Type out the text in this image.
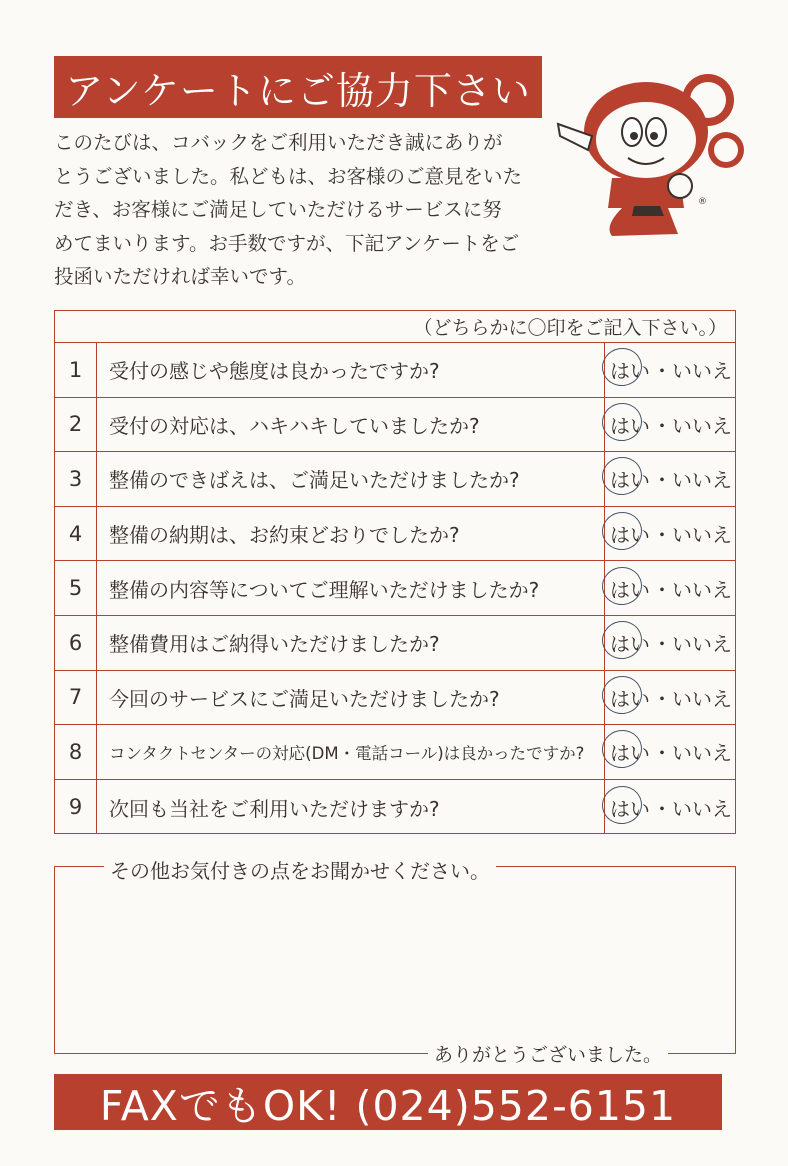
アンケートにご協力下さい
このたびは、コバックをご利用いただき誠にありが
とうございました。私どもは、お客様のご意見をいた
だき、お客様にご満足していただけるサービスに努
めてまいります。お手数ですが、下記アンケートをご
投函いただければ幸いです。
®
（どちらかに〇印をご記入下さい。）
1	受付の感じや態度は良かったですか?	はい ・ いいえ
2	受付の対応は、ハキハキしていましたか?	はい ・ いいえ
3	整備のできばえは、ご満足いただけましたか?	はい ・ いいえ
4	整備の納期は、お約束どおりでしたか?	はい ・ いいえ
5	整備の内容等についてご理解いただけましたか?	はい ・ いいえ
6	整備費用はご納得いただけましたか?	はい ・ いいえ
7	今回のサービスにご満足いただけましたか?	はい ・ いいえ
8	コンタクトセンターの対応(DM・電話コール)は良かったですか?	はい ・ いいえ
9	次回も当社をご利用いただけますか?	はい ・ いいえ
その他お気付きの点をお聞かせください。
ありがとうございました。
FAXでもOK! (024)552-6151
